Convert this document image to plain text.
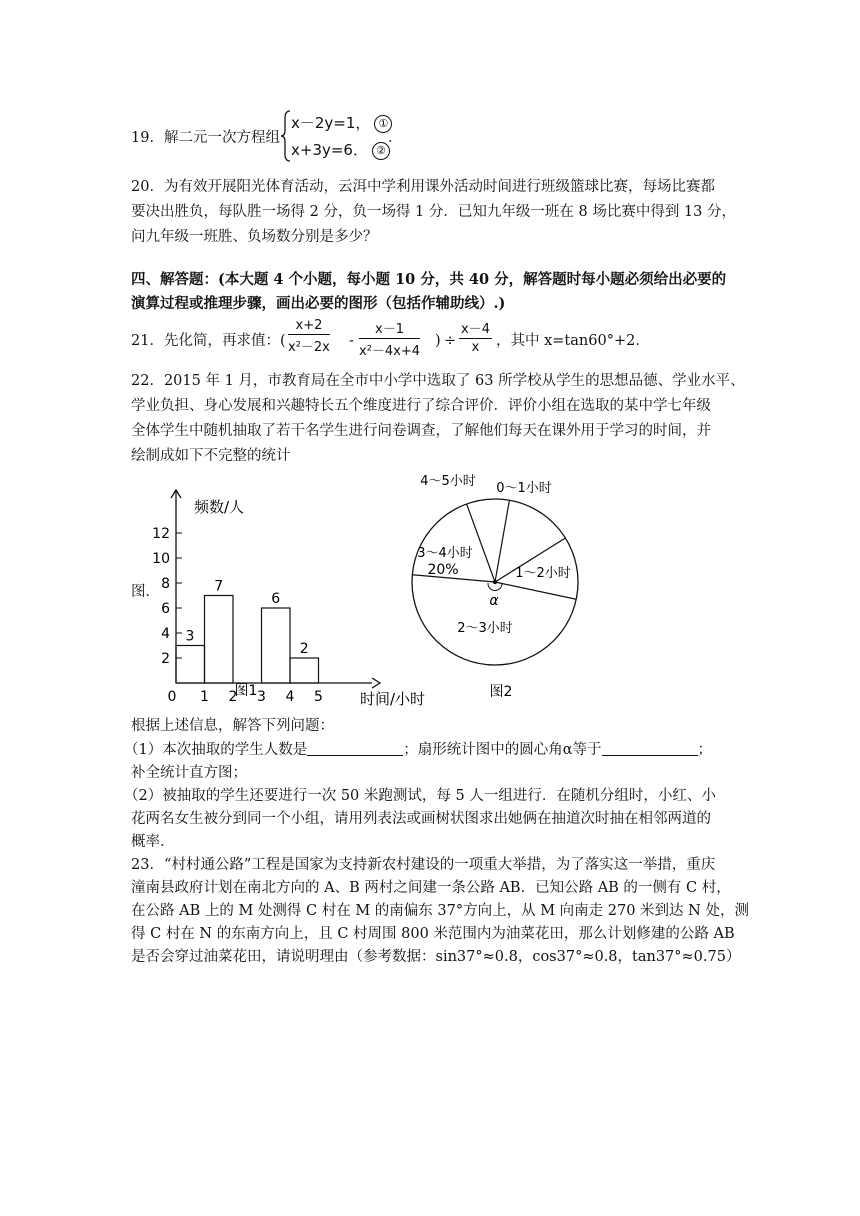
19．解二元一次方程组
x－2y=1， ①
x+3y=6． ②
．
20．为有效开展阳光体育活动，云洱中学利用课外活动时间进行班级篮球比赛，每场比赛都
要决出胜负，每队胜一场得 2 分，负一场得 1 分．已知九年级一班在 8 场比赛中得到 13 分，
问九年级一班胜、负场数分别是多少？
四、解答题：(本大题 4 个小题，每小题 10 分，共 40 分，解答题时每小题必须给出必要的
演算过程或推理步骤，画出必要的图形（包括作辅助线）.)
21．先化简，再求值：( $\frac{x+2}{\text{x²－2x}} - \frac{x-1}{\text{x²－4x+4}}$ ) ÷ $\frac{x-4}{x}$ ，其中 x=tan60°+2．
22．2015 年 1 月，市教育局在全市中小学中选取了 63 所学校从学生的思想品德、学业水平、
学业负担、身心发展和兴趣特长五个维度进行了综合评价．评价小组在选取的某中学七年级
全体学生中随机抽取了若干名学生进行问卷调查，了解他们每天在课外用于学习的时间，并
绘制成如下不完整的统计
图．
2
4
6
8
10
12
0 1 2 3 4 5
3
7
6
2
频数/人
时间/小时
图1
α
0～1小时
1～2小时
2～3小时
3～4小时
20%
4～5小时
图2
根据上述信息，解答下列问题：
（1）本次抽取的学生人数是	；扇形统计图中的圆心角α等于	；
补全统计直方图；
（2）被抽取的学生还要进行一次 50 米跑测试，每 5 人一组进行．在随机分组时，小红、小
花两名女生被分到同一个小组，请用列表法或画树状图求出她俩在抽道次时抽在相邻两道的
概率．
23．“村村通公路”工程是国家为支持新农村建设的一项重大举措，为了落实这一举措，重庆
潼南县政府计划在南北方向的 A、B 两村之间建一条公路 AB．已知公路 AB 的一侧有 C 村，
在公路 AB 上的 M 处测得 C 村在 M 的南偏东 37°方向上，从 M 向南走 270 米到达 N 处，测
得 C 村在 N 的东南方向上，且 C 村周围 800 米范围内为油菜花田，那么计划修建的公路 AB
是否会穿过油菜花田，请说明理由（参考数据：sin37°≈0.8，cos37°≈0.8，tan37°≈0.75）
